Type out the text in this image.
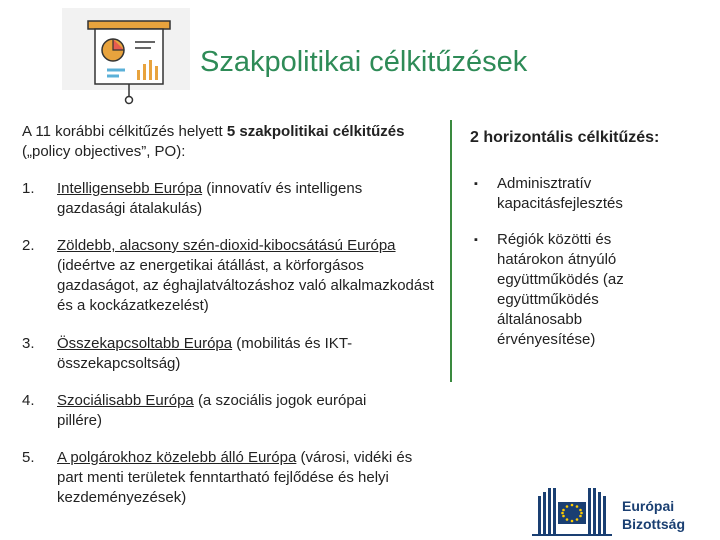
Szakpolitikai célkitűzések
A 11 korábbi célkitűzés helyett 5 szakpolitikai célkitűzés („policy objectives”, PO):
1.	Intelligensebb Európa (innovatív és intelligens gazdasági átalakulás)
2.	Zöldebb, alacsony szén-dioxid-kibocsátású Európa (ideértve az energetikai átállást, a körforgásos gazdaságot, az éghajlatváltozáshoz való alkalmazkodást és a kockázatkezelést)
3.	Összekapcsoltabb Európa (mobilitás és IKT-összekapcsoltság)
4.	Szociálisabb Európa (a szociális jogok európai pillére)
5.	A polgárokhoz közelebb álló Európa (városi, vidéki és part menti területek fenntartható fejlődése és helyi kezdeményezések)
2 horizontális célkitűzés:
▪ Adminisztratív kapacitásfejlesztés
▪ Régiók közötti és határokon átnyúló együttműködés (az együttműködés általánosabb érvényesítése)
Európai
Bizottság
